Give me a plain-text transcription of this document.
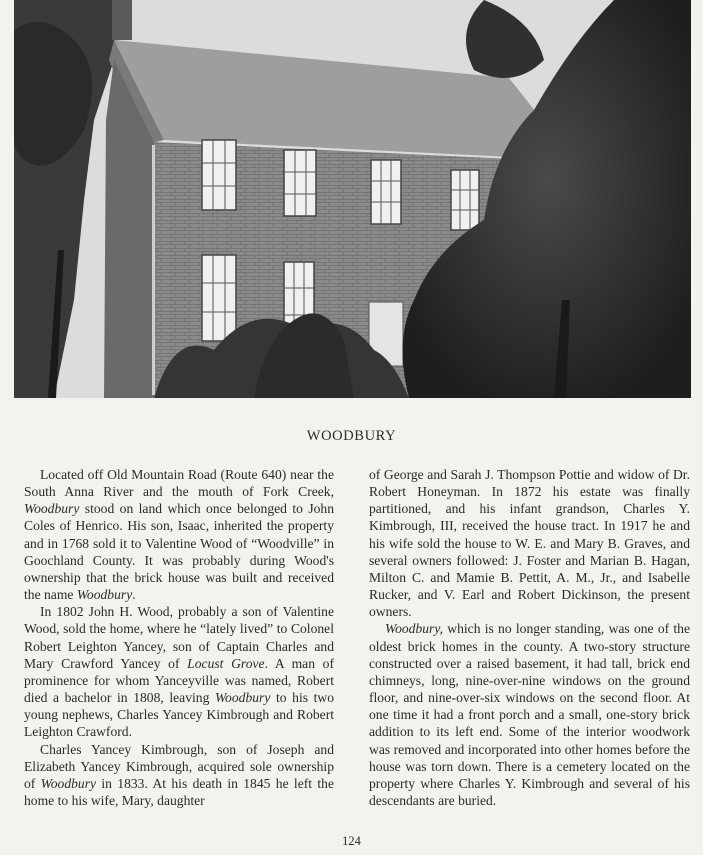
WOODBURY

Located off Old Mountain Road (Route 640) near the South Anna River and the mouth of Fork Creek, Woodbury stood on land which once belonged to John Coles of Henrico. His son, Isaac, inherited the property and in 1768 sold it to Valentine Wood of “Woodville” in Goochland County. It was probably during Wood's ownership that the brick house was built and received the name Woodbury.

In 1802 John H. Wood, probably a son of Valentine Wood, sold the home, where he “lately lived” to Colonel Robert Leighton Yancey, son of Captain Charles and Mary Crawford Yancey of Locust Grove. A man of prominence for whom Yanceyville was named, Robert died a bachelor in 1808, leaving Woodbury to his two young nephews, Charles Yancey Kimbrough and Robert Leighton Crawford.

Charles Yancey Kimbrough, son of Joseph and Elizabeth Yancey Kimbrough, acquired sole ownership of Woodbury in 1833. At his death in 1845 he left the home to his wife, Mary, daughter

of George and Sarah J. Thompson Pottie and widow of Dr. Robert Honeyman. In 1872 his estate was finally partitioned, and his infant grandson, Charles Y. Kimbrough, III, received the house tract. In 1917 he and his wife sold the house to W. E. and Mary B. Graves, and several owners followed: J. Foster and Marian B. Hagan, Milton C. and Mamie B. Pettit, A. M., Jr., and Isabelle Rucker, and V. Earl and Robert Dickinson, the present owners.

Woodbury, which is no longer standing, was one of the oldest brick homes in the county. A two-story structure constructed over a raised basement, it had tall, brick end chimneys, long, nine-over-nine windows on the ground floor, and nine-over-six windows on the second floor. At one time it had a front porch and a small, one-story brick addition to its left end. Some of the interior woodwork was removed and incorporated into other homes before the house was torn down. There is a cemetery located on the property where Charles Y. Kimbrough and several of his descendants are buried.

124
